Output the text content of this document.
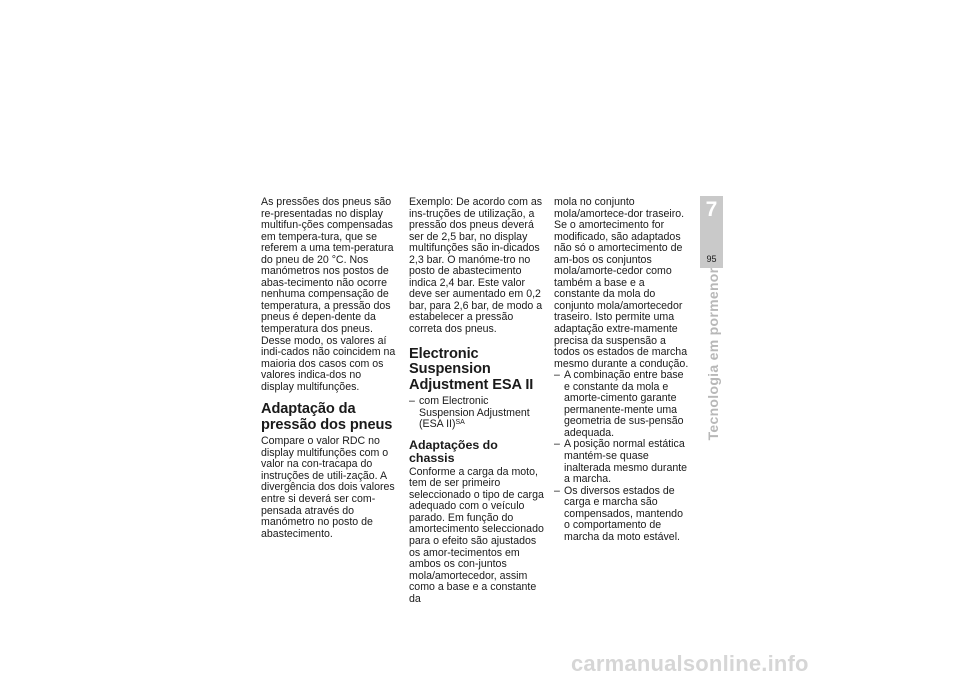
As pressões dos pneus são re-presentadas no display multifun-ções compensadas em tempera-tura, que se referem a uma tem-peratura do pneu de 20 °C. Nos manómetros nos postos de abas-tecimento não ocorre nenhuma compensação de temperatura, a pressão dos pneus é depen-dente da temperatura dos pneus. Desse modo, os valores aí indi-cados não coincidem na maioria dos casos com os valores indica-dos no display multifunções.

Adaptação da pressão dos pneus

Compare o valor RDC no display multifunções com o valor na con-tracapa do instruções de utili-zação. A divergência dos dois valores entre si deverá ser com-pensada através do manómetro no posto de abastecimento.

Exemplo: De acordo com as ins-truções de utilização, a pressão dos pneus deverá ser de 2,5 bar, no display multifunções são in-dicados 2,3 bar. O manóme-tro no posto de abastecimento indica 2,4 bar. Este valor deve ser aumentado em 0,2 bar, para 2,6 bar, de modo a estabelecer a pressão correta dos pneus.

Electronic Suspension Adjustment ESA II
– com Electronic Suspension Adjustment (ESA II)$^{SA}$
Adaptações do chassis

Conforme a carga da moto, tem de ser primeiro seleccionado o tipo de carga adequado com o veículo parado. Em função do amortecimento seleccionado para o efeito são ajustados os amor-tecimentos em ambos os con-juntos mola/amortecedor, assim como a base e a constante da

mola no conjunto mola/amortece-dor traseiro. Se o amortecimento for modificado, são adaptados não só o amortecimento de am-bos os conjuntos mola/amorte-cedor como também a base e a constante da mola do conjunto mola/amortecedor traseiro. Isto permite uma adaptação extre-mamente precisa da suspensão a todos os estados de marcha mesmo durante a condução.

– A combinação entre base e constante da mola e amorte-cimento garante permanente-mente uma geometria de sus-pensão adequada.
– A posição normal estática mantém-se quase inalterada mesmo durante a marcha.
– Os diversos estados de carga e marcha são compensados, mantendo o comportamento de marcha da moto estável.
7
95
Tecnologia em pormenor
carmanualsonline.info
